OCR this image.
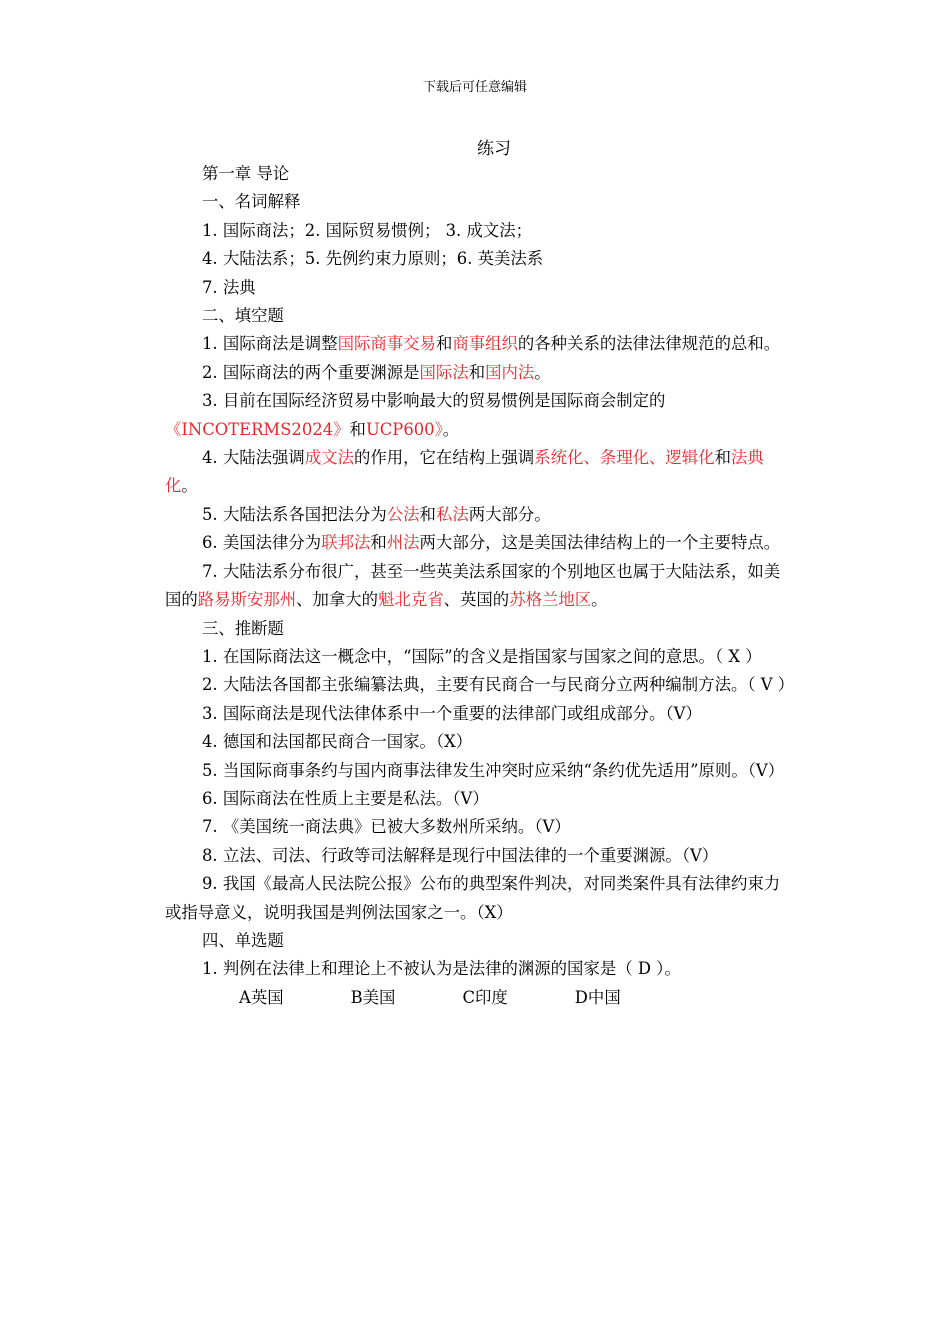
下载后可任意编辑
练习

第一章 导论

一、名词解释

1. 国际商法；2. 国际贸易惯例； 3. 成文法；

4. 大陆法系；5. 先例约束力原则；6. 英美法系

7. 法典

二、填空题

1. 国际商法是调整国际商事交易和商事组织的各种关系的法律法律规范的总和。

2. 国际商法的两个重要渊源是国际法和国内法。

3. 目前在国际经济贸易中影响最大的贸易惯例是国际商会制定的《INCOTERMS2024》和UCP600》。

4. 大陆法强调成文法的作用，它在结构上强调系统化、条理化、逻辑化和法典化。

5. 大陆法系各国把法分为公法和私法两大部分。

6. 美国法律分为联邦法和州法两大部分，这是美国法律结构上的一个主要特点。

7. 大陆法系分布很广，甚至一些英美法系国家的个别地区也属于大陆法系，如美国的路易斯安那州、加拿大的魁北克省、英国的苏格兰地区。

三、推断题

1. 在国际商法这一概念中，“国际”的含义是指国家与国家之间的意思。（ X ）

2. 大陆法各国都主张编纂法典，主要有民商合一与民商分立两种编制方法。（ V ）

3. 国际商法是现代法律体系中一个重要的法律部门或组成部分。（V）

4. 德国和法国都民商合一国家。（X）

5. 当国际商事条约与国内商事法律发生冲突时应采纳“条约优先适用”原则。（V）

6. 国际商法在性质上主要是私法。（V）

7. 《美国统一商法典》已被大多数州所采纳。（V）

8. 立法、司法、行政等司法解释是现行中国法律的一个重要渊源。（V）

9. 我国《最高人民法院公报》公布的典型案件判决，对同类案件具有法律约束力或指导意义，说明我国是判例法国家之一。（X）

四、单选题

1. 判例在法律上和理论上不被认为是法律的渊源的国家是（ D ）。

A英国	B美国	C印度	D中国
